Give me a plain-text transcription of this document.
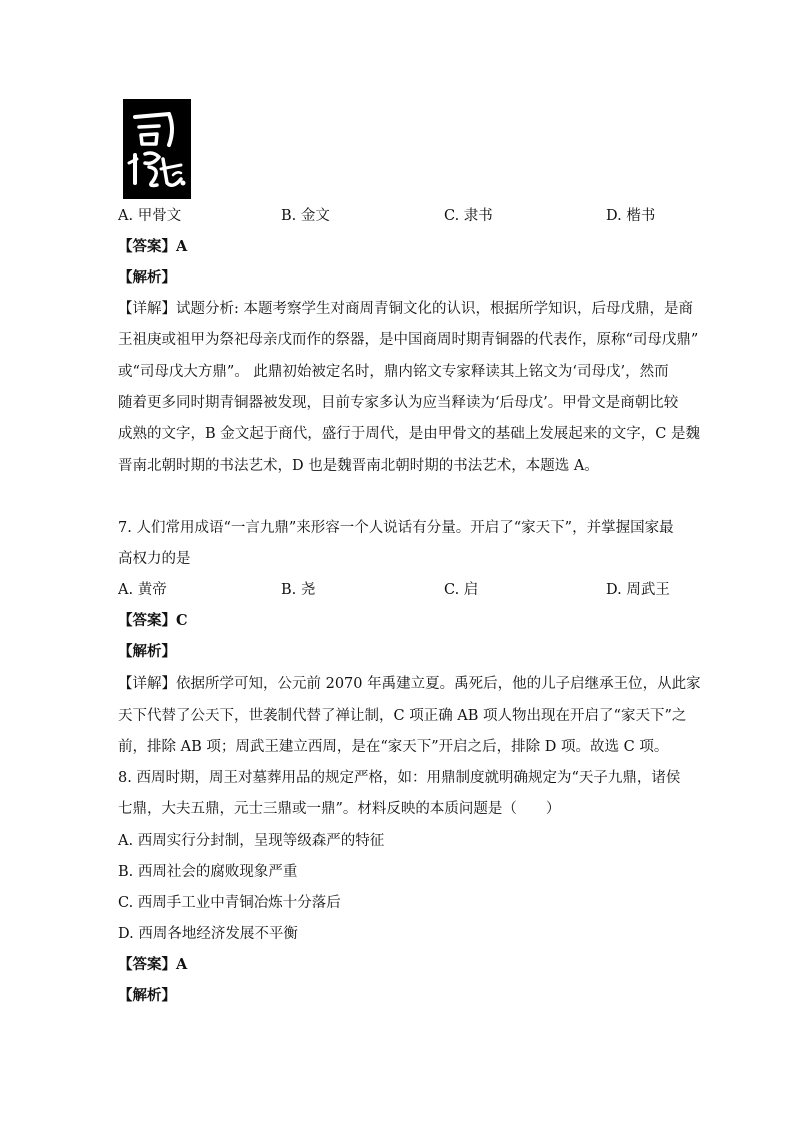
A. 甲骨文	B. 金文	C. 隶书	D. 楷书
【答案】A
【解析】
【详解】试题分析: 本题考察学生对商周青铜文化的认识，根据所学知识，后母戊鼎，是商
王祖庚或祖甲为祭祀母亲戊而作的祭器，是中国商周时期青铜器的代表作，原称“司母戊鼎”
或“司母戊大方鼎”。 此鼎初始被定名时，鼎内铭文专家释读其上铭文为‘司母戊’，然而
随着更多同时期青铜器被发现，目前专家多认为应当释读为‘后母戊’。甲骨文是商朝比较
成熟的文字，B 金文起于商代，盛行于周代，是由甲骨文的基础上发展起来的文字，C 是魏
晋南北朝时期的书法艺术，D 也是魏晋南北朝时期的书法艺术，本题选 A。
7. 人们常用成语“一言九鼎”来形容一个人说话有分量。开启了“家天下”，并掌握国家最
高权力的是
A. 黄帝	B. 尧	C. 启	D. 周武王
【答案】C
【解析】
【详解】依据所学可知，公元前 2070 年禹建立夏。禹死后，他的儿子启继承王位，从此家
天下代替了公天下，世袭制代替了禅让制，C 项正确 AB 项人物出现在开启了“家天下”之
前，排除 AB 项；周武王建立西周，是在“家天下”开启之后，排除 D 项。故选 C 项。
8. 西周时期，周王对墓葬用品的规定严格，如：用鼎制度就明确规定为“天子九鼎，诸侯
七鼎，大夫五鼎，元士三鼎或一鼎”。材料反映的本质问题是（　　）
A. 西周实行分封制，呈现等级森严的特征
B. 西周社会的腐败现象严重
C. 西周手工业中青铜冶炼十分落后
D. 西周各地经济发展不平衡
【答案】A
【解析】
